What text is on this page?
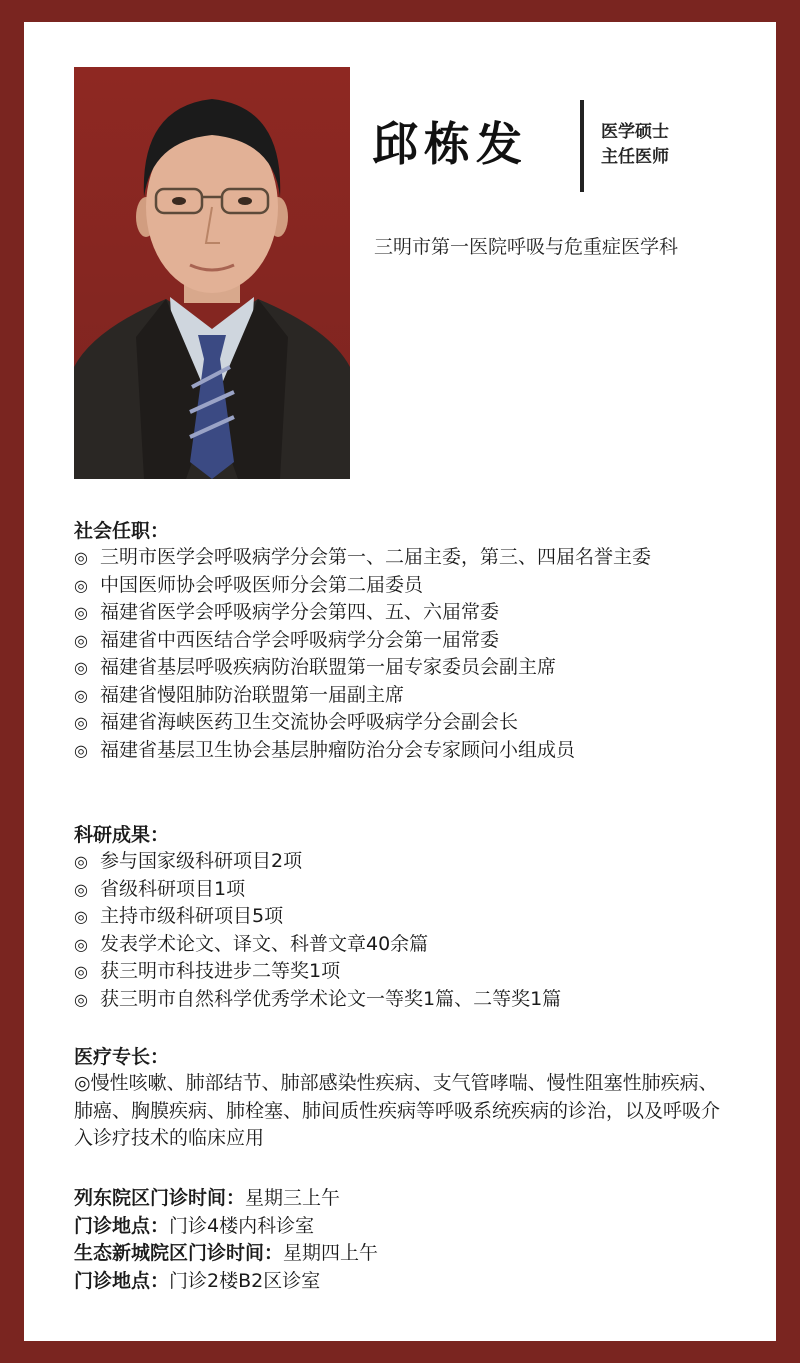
邱栋发	医学硕士
主任医师
三明市第一医院呼吸与危重症医学科

社会任职：

◎ 三明市医学会呼吸病学分会第一、二届主委，第三、四届名誉主委
◎ 中国医师协会呼吸医师分会第二届委员
◎ 福建省医学会呼吸病学分会第四、五、六届常委
◎ 福建省中西医结合学会呼吸病学分会第一届常委
◎ 福建省基层呼吸疾病防治联盟第一届专家委员会副主席
◎ 福建省慢阻肺防治联盟第一届副主席
◎ 福建省海峡医药卫生交流协会呼吸病学分会副会长
◎ 福建省基层卫生协会基层肿瘤防治分会专家顾问小组成员

科研成果：

◎ 参与国家级科研项目2项
◎ 省级科研项目1项
◎ 主持市级科研项目5项
◎ 发表学术论文、译文、科普文章40余篇
◎ 获三明市科技进步二等奖1项
◎ 获三明市自然科学优秀学术论文一等奖1篇、二等奖1篇

医疗专长：

◎慢性咳嗽、肺部结节、肺部感染性疾病、支气管哮喘、慢性阻塞性肺疾病、肺癌、胸膜疾病、肺栓塞、肺间质性疾病等呼吸系统疾病的诊治，以及呼吸介入诊疗技术的临床应用

列东院区门诊时间：星期三上午
门诊地点：门诊4楼内科诊室
生态新城院区门诊时间：星期四上午
门诊地点：门诊2楼B2区诊室
